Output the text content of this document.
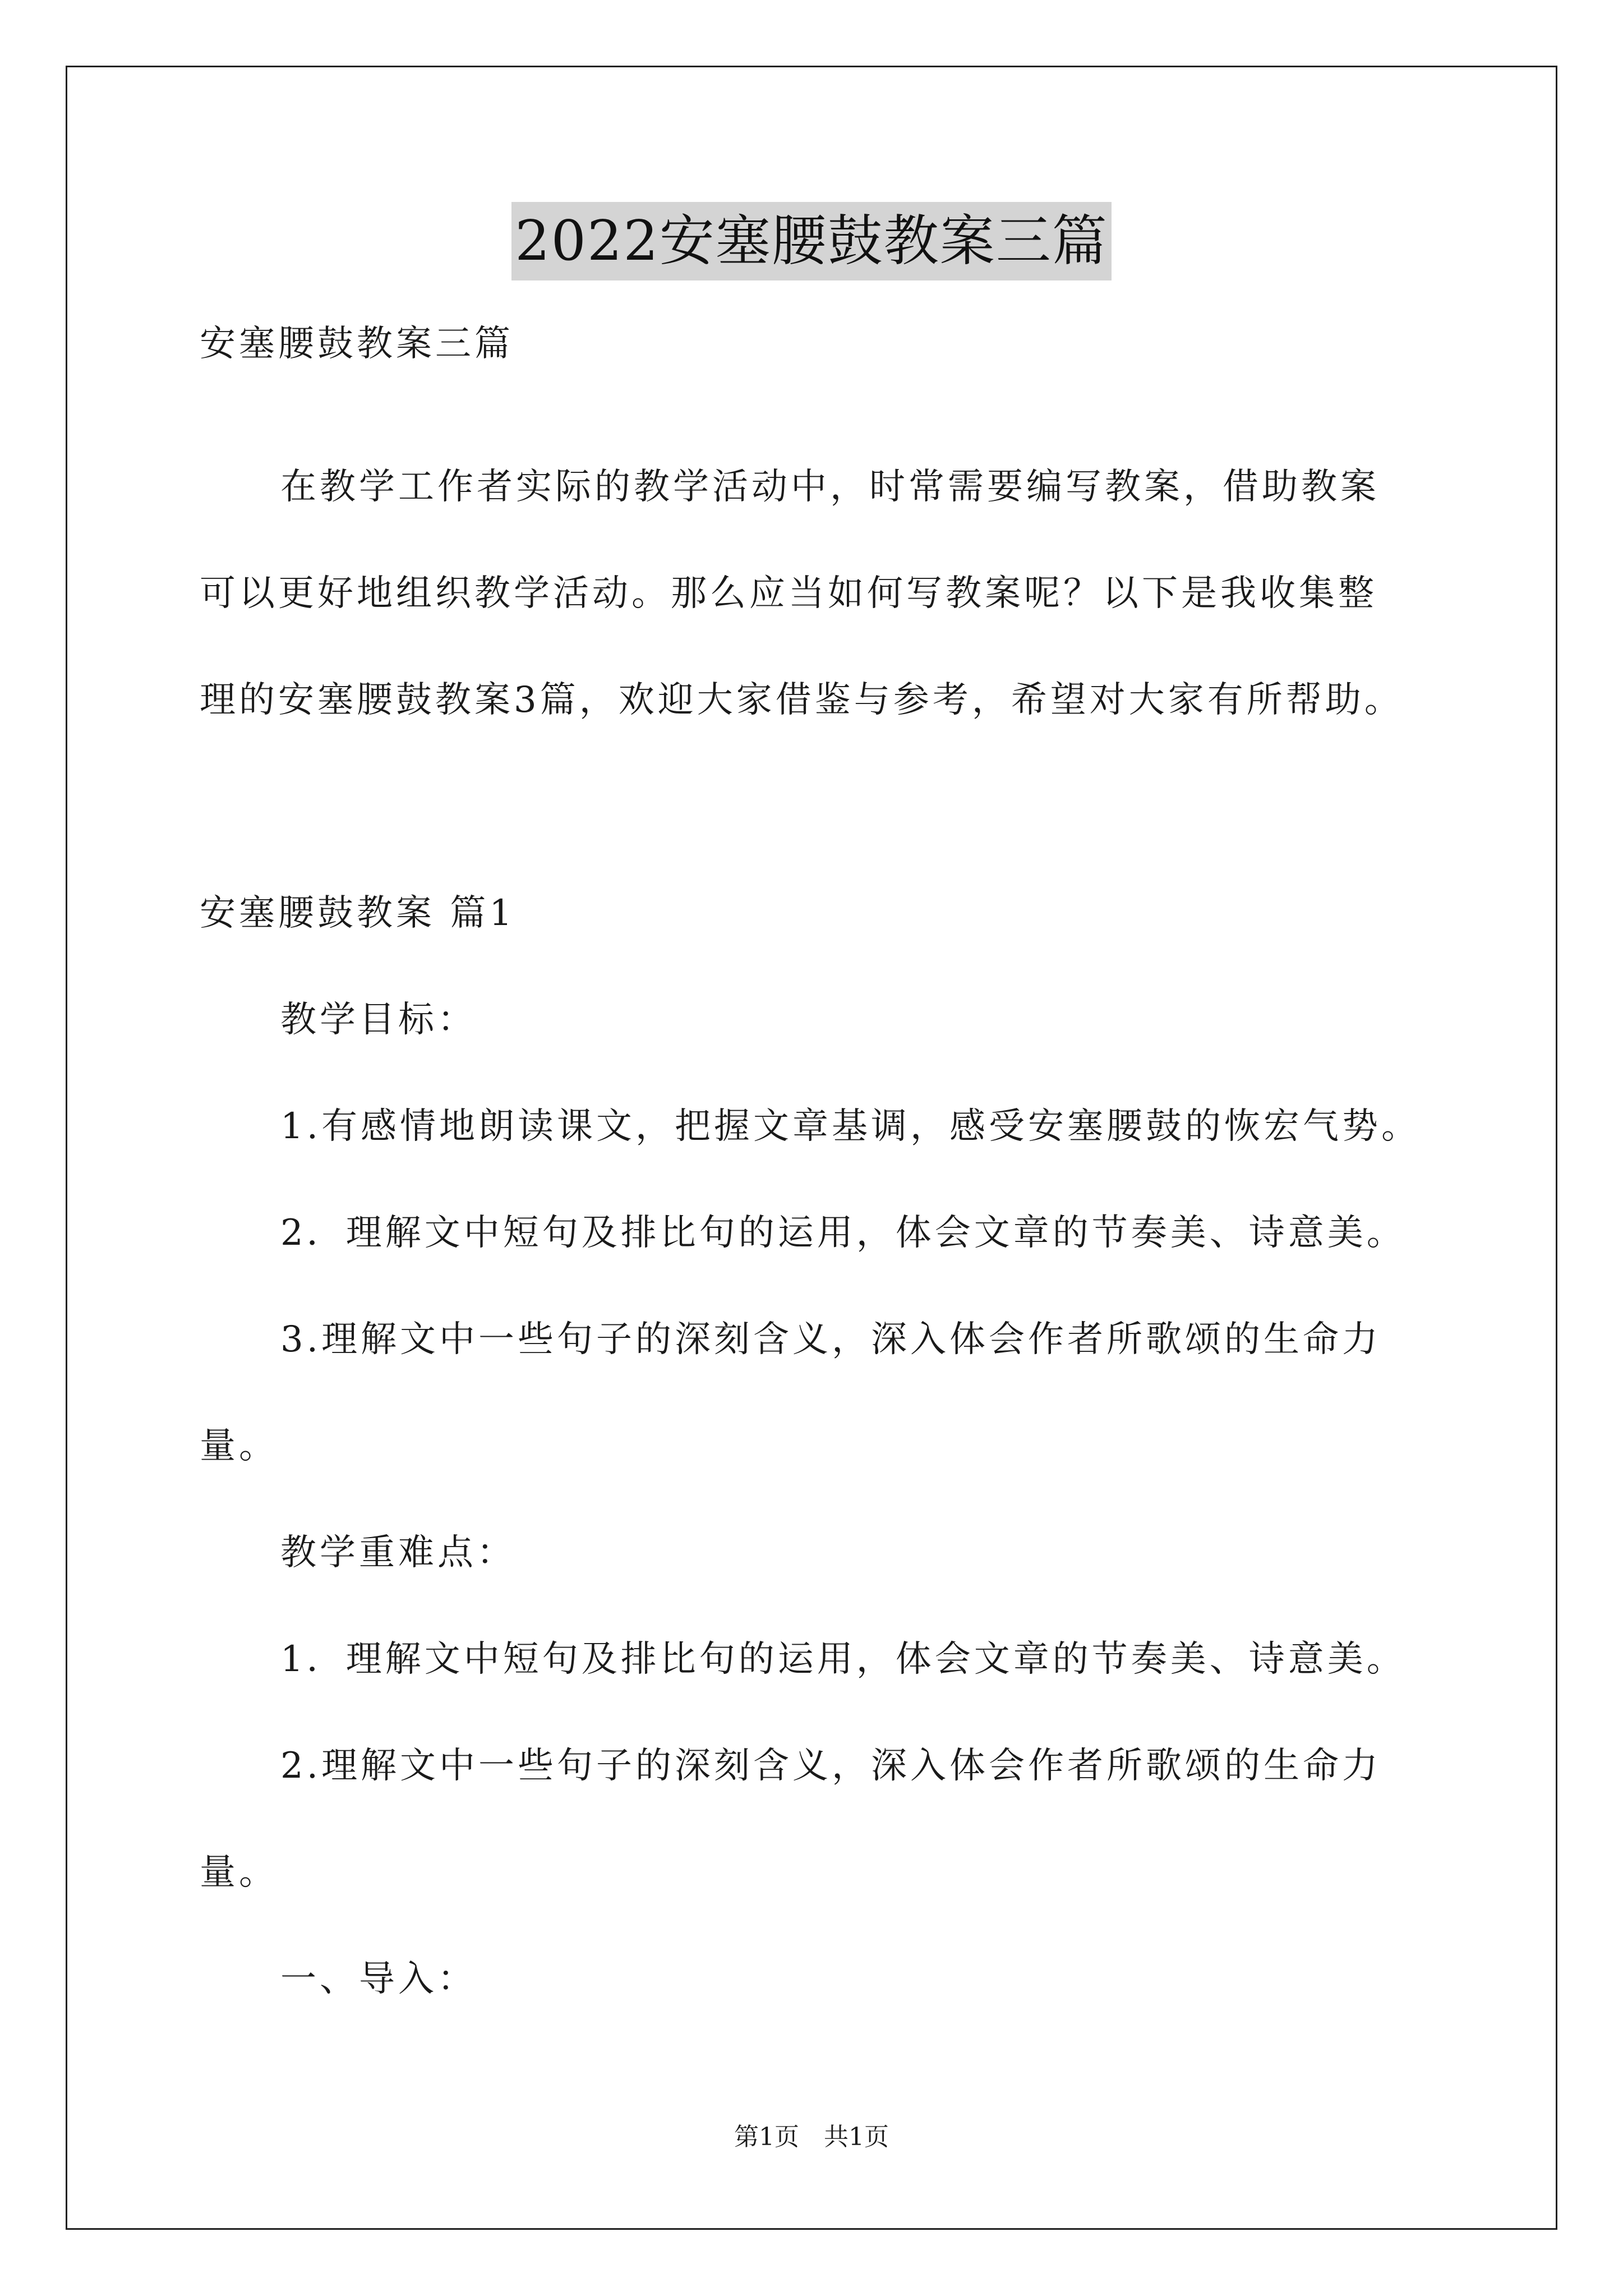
2022安塞腰鼓教案三篇
安塞腰鼓教案三篇
在教学工作者实际的教学活动中，时常需要编写教案，借助教案
可以更好地组织教学活动。那么应当如何写教案呢？以下是我收集整
理的安塞腰鼓教案3篇，欢迎大家借鉴与参考，希望对大家有所帮助。
安塞腰鼓教案 篇1
教学目标：
1.有感情地朗读课文，把握文章基调，感受安塞腰鼓的恢宏气势。
2．理解文中短句及排比句的运用，体会文章的节奏美、诗意美。
3.理解文中一些句子的深刻含义，深入体会作者所歌颂的生命力
量。
教学重难点：
1．理解文中短句及排比句的运用，体会文章的节奏美、诗意美。
2.理解文中一些句子的深刻含义，深入体会作者所歌颂的生命力
量。
一、导入：
第1页　共1页
